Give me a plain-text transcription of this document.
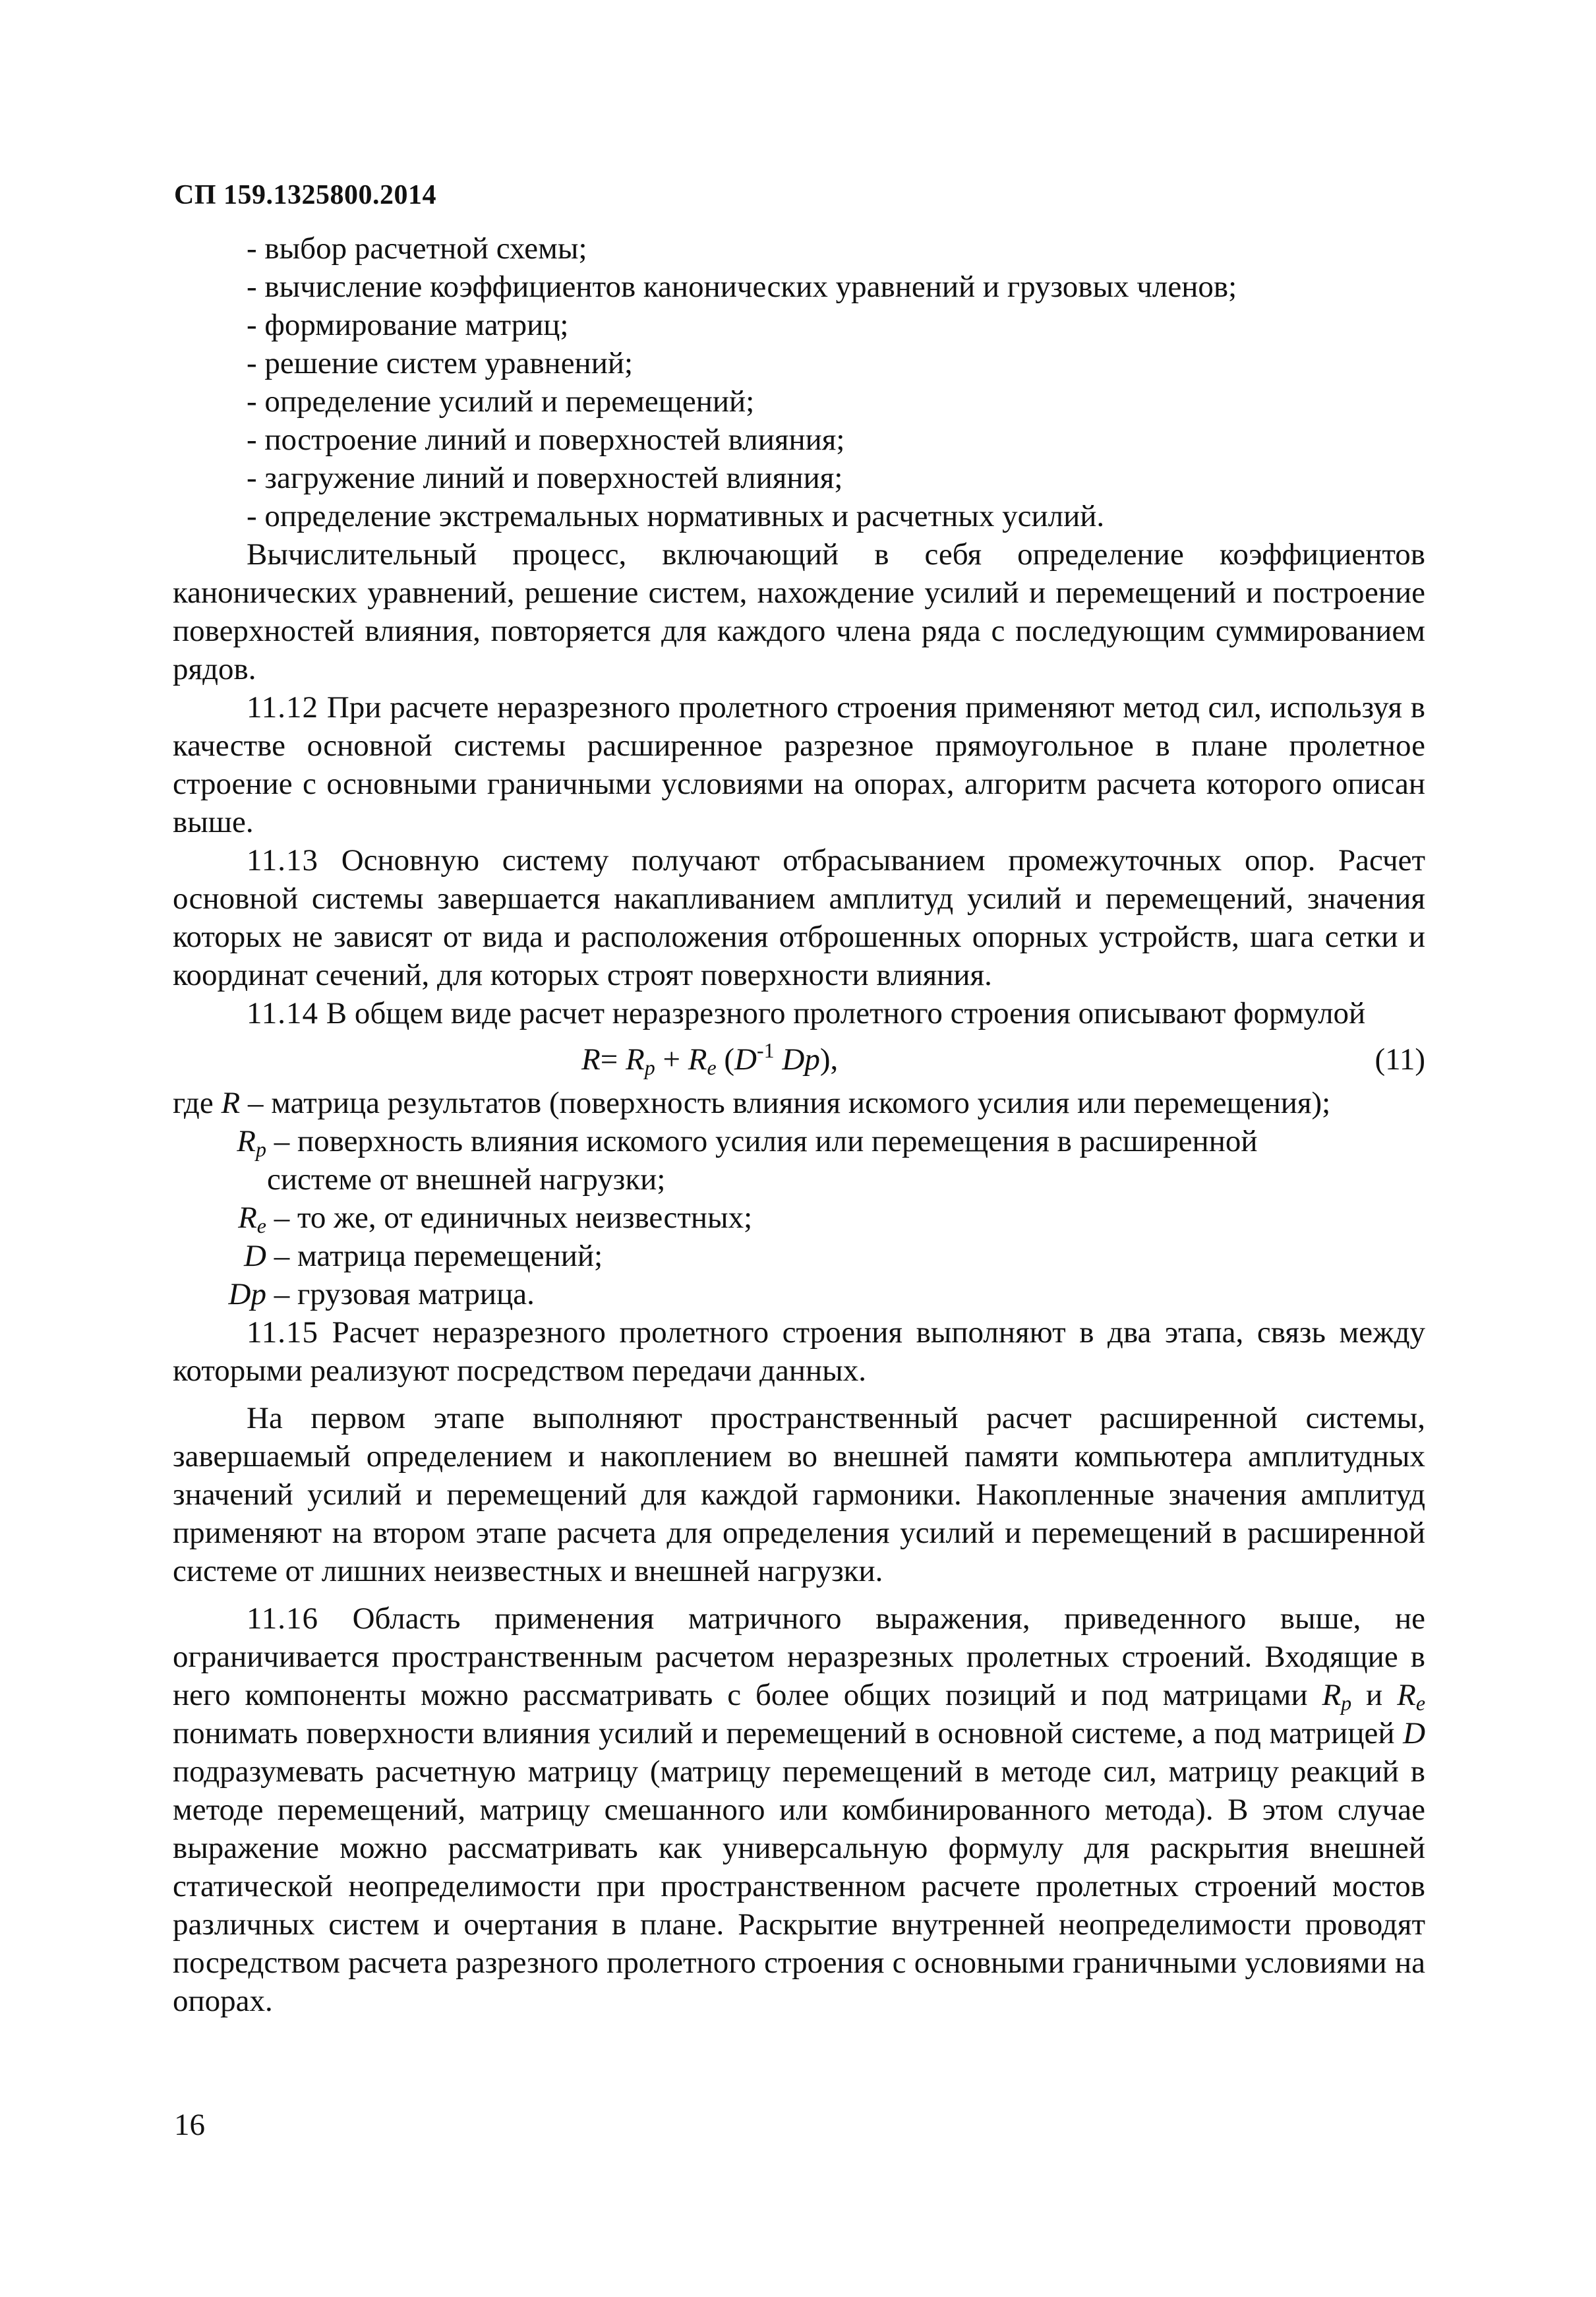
СП 159.1325800.2014

- выбор расчетной схемы;

- вычисление коэффициентов канонических уравнений и грузовых членов;

- формирование матриц;

- решение систем уравнений;

- определение усилий и перемещений;

- построение линий и поверхностей влияния;

- загружение линий и поверхностей влияния;

- определение экстремальных нормативных и расчетных усилий.

Вычислительный процесс, включающий в себя определение коэффициентов канонических уравнений, решение систем, нахождение усилий и перемещений и построение поверхностей влияния, повторяется для каждого члена ряда с последующим суммированием рядов.

11.12 При расчете неразрезного пролетного строения применяют метод сил, используя в качестве основной системы расширенное разрезное прямоугольное в плане пролетное строение с основными граничными условиями на опорах, алгоритм расчета которого описан выше.

11.13 Основную систему получают отбрасыванием промежуточных опор. Расчет основной системы завершается накапливанием амплитуд усилий и перемещений, значения которых не зависят от вида и расположения отброшенных опорных устройств, шага сетки и координат сечений, для которых строят поверхности влияния.

11.14 В общем виде расчет неразрезного пролетного строения описывают формулой

$R= R_p + R_e$ ($D^{-1}$ Dp),	(11)

где R – матрица результатов (поверхность влияния искомого усилия или перемещения);

$R_p$ – поверхность влияния искомого усилия или перемещения в расширенной

системе от внешней нагрузки;

$R_e$ – то же, от единичных неизвестных;

D – матрица перемещений;

Dp – грузовая матрица.

11.15 Расчет неразрезного пролетного строения выполняют в два этапа, связь между которыми реализуют посредством передачи данных.

На первом этапе выполняют пространственный расчет расширенной системы, завершаемый определением и накоплением во внешней памяти компьютера амплитудных значений усилий и перемещений для каждой гармоники. Накопленные значения амплитуд применяют на втором этапе расчета для определения усилий и перемещений в расширенной системе от лишних неизвестных и внешней нагрузки.

11.16 Область применения матричного выражения, приведенного выше, не ограничивается пространственным расчетом неразрезных пролетных строений. Входящие в него компоненты можно рассматривать с более общих позиций и под матрицами $R_p$ и $R_e$ понимать поверхности влияния усилий и перемещений в основной системе, а под матрицей D подразумевать расчетную матрицу (матрицу перемещений в методе сил, матрицу реакций в методе перемещений, матрицу смешанного или комбинированного метода). В этом случае выражение можно рассматривать как универсальную формулу для раскрытия внешней статической неопределимости при пространственном расчете пролетных строений мостов различных систем и очертания в плане. Раскрытие внутренней неопределимости проводят посредством расчета разрезного пролетного строения с основными граничными условиями на опорах.

16
